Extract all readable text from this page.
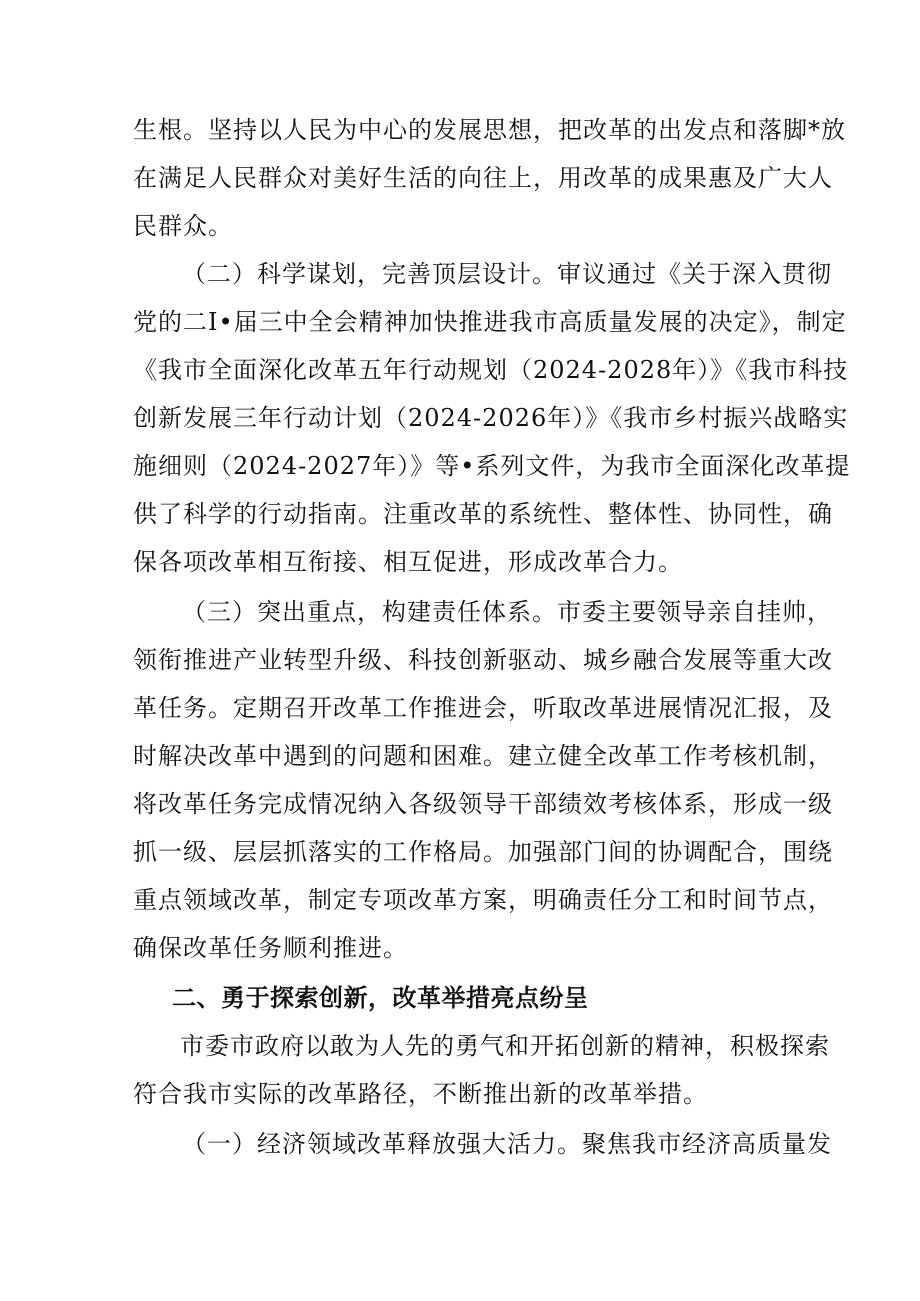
生根。坚持以人民为中心的发展思想，把改革的出发点和落脚*放
在满足人民群众对美好生活的向往上，用改革的成果惠及广大人
民群众。
（二）科学谋划，完善顶层设计。审议通过《关于深入贯彻
党的二I•届三中全会精神加快推进我市高质量发展的决定》，制定
《我市全面深化改革五年行动规划（2024-2028年）》《我市科技
创新发展三年行动计划（2024-2026年）》《我市乡村振兴战略实
施细则（2024-2027年）》等•系列文件，为我市全面深化改革提
供了科学的行动指南。注重改革的系统性、整体性、协同性，确
保各项改革相互衔接、相互促进，形成改革合力。
（三）突出重点，构建责任体系。市委主要领导亲自挂帅，
领衔推进产业转型升级、科技创新驱动、城乡融合发展等重大改
革任务。定期召开改革工作推进会，听取改革进展情况汇报，及
时解决改革中遇到的问题和困难。建立健全改革工作考核机制，
将改革任务完成情况纳入各级领导干部绩效考核体系，形成一级
抓一级、层层抓落实的工作格局。加强部门间的协调配合，围绕
重点领域改革，制定专项改革方案，明确责任分工和时间节点，
确保改革任务顺利推进。
二、勇于探索创新，改革举措亮点纷呈
市委市政府以敢为人先的勇气和开拓创新的精神，积极探索
符合我市实际的改革路径，不断推出新的改革举措。
（一）经济领域改革释放强大活力。聚焦我市经济高质量发
